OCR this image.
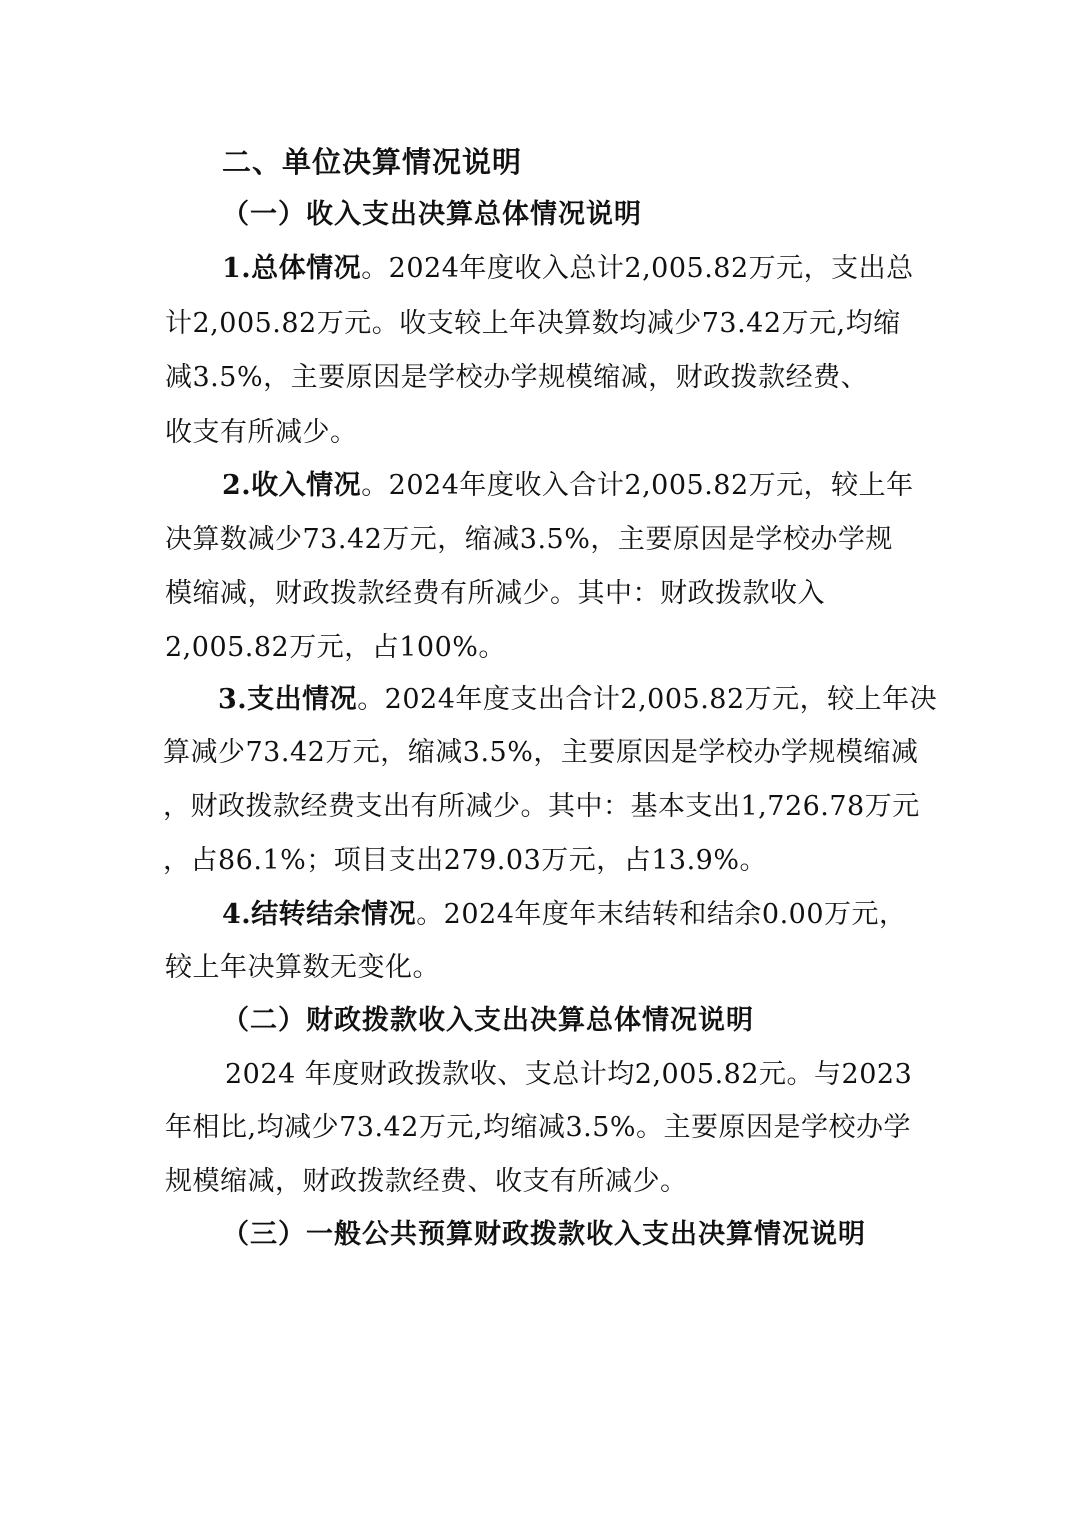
二、单位决算情况说明
（一）收入支出决算总体情况说明
1.总体情况。2024年度收入总计2,005.82万元，支出总
计2,005.82万元。收支较上年决算数均减少73.42万元,均缩
减3.5%，主要原因是学校办学规模缩减，财政拨款经费、
收支有所减少。
2.收入情况。2024年度收入合计2,005.82万元，较上年
决算数减少73.42万元，缩减3.5%，主要原因是学校办学规
模缩减，财政拨款经费有所减少。其中：财政拨款收入
2,005.82万元，占100%。
3.支出情况。2024年度支出合计2,005.82万元，较上年决
算减少73.42万元，缩减3.5%，主要原因是学校办学规模缩减
，财政拨款经费支出有所减少。其中：基本支出1,726.78万元
，占86.1%；项目支出279.03万元，占13.9%。
4.结转结余情况。2024年度年末结转和结余0.00万元，
较上年决算数无变化。
（二）财政拨款收入支出决算总体情况说明
2024 年度财政拨款收、支总计均2,005.82元。与2023
年相比,均减少73.42万元,均缩减3.5%。主要原因是学校办学
规模缩减，财政拨款经费、收支有所减少。
（三）一般公共预算财政拨款收入支出决算情况说明
